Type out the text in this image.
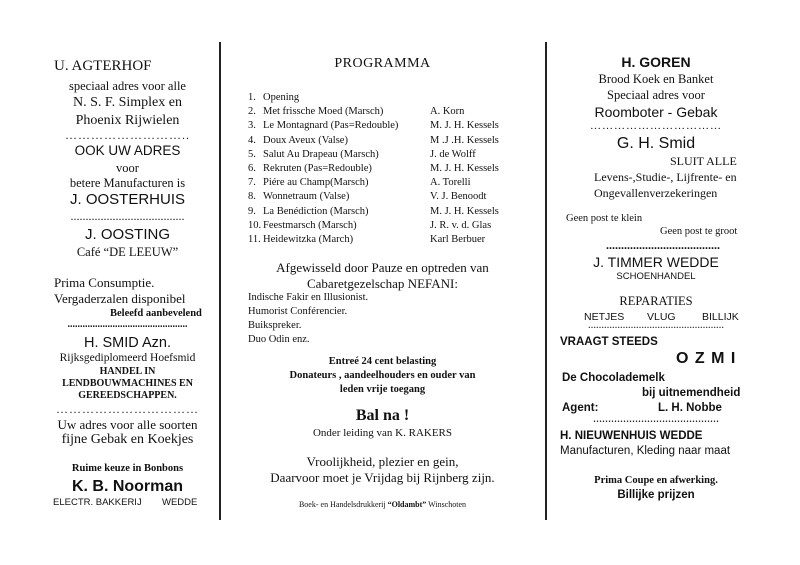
U. AGTERHOF
speciaal adres voor alle
N. S. F. Simplex en
Phoenix Rijwielen
………………………..
OOK UW ADRES
voor
betere Manufacturen is
J. OOSTERHUIS
......................................
J. OOSTING
Café “DE LEEUW”
Prima Consumptie.
Vergaderzalen disponibel
Beleefd aanbevelend
................................................
H. SMID Azn.
Rijksgediplomeerd Hoefsmid
HANDEL IN
LENDBOUWMACHINES EN
GEREEDSCHAPPEN.
……………………………
Uw adres voor alle soorten
fijne Gebak en Koekjes
Ruime keuze in Bonbons
K. B. Noorman
ELECTR. BAKKERIJ WEDDE
PROGRAMMA
1. Opening
2. Met frissche Moed (Marsch)	A. Korn
3. Le Montagnard (Pas=Redouble)	M. J. H. Kessels
4. Doux Aveux (Valse)	M .J .H. Kessels
5. Salut Au Drapeau (Marsch)	J. de Wolff
6. Rekruten (Pas=Redouble)	M. J. H. Kessels
7. Piére au Champ(Marsch)	A. Torelli
8. Wonnetraum (Valse)	V. J. Benoodt
9. La Benédiction (Marsch)	M. J. H. Kessels
10. Feestmarsch (Marsch)	J. R. v. d. Glas
11. Heidewitzka (March)	Karl Berbuer
Afgewisseld door Pauze en optreden van
Cabaretgezelschap NEFANI:
Indische Fakir en Illusionist.
Humorist Conférencier.
Buikspreker.
Duo Odin enz.
Entreé 24 cent belasting
Donateurs , aandeelhouders en ouder van
leden vrije toegang
Bal na !
Onder leiding van K. RAKERS
Vroolijkheid, plezier en gein,
Daarvoor moet je Vrijdag bij Rijnberg zijn.
Boek- en Handelsdrukkerij “Oldambt” Winschoten
H. GOREN
Brood Koek en Banket
Speciaal adres voor
Roomboter - Gebak
……………………………
G. H. Smid
SLUIT ALLE
Levens-,Studie-, Lijfrente- en
Ongevallenverzekeringen
Geen post te klein
Geen post te groot
......................................
J. TIMMER WEDDE
SCHOENHANDEL
REPARATIES
NETJES VLUG	BILLIJK
……………………………………………
VRAAGT STEEDS
O Z M I
De Chocolademelk
bij uitnemendheid
Agent:	L. H. Nobbe
……………………………………
H. NIEUWENHUIS WEDDE
Manufacturen, Kleding naar maat
Prima Coupe en afwerking.
Billijke prijzen
